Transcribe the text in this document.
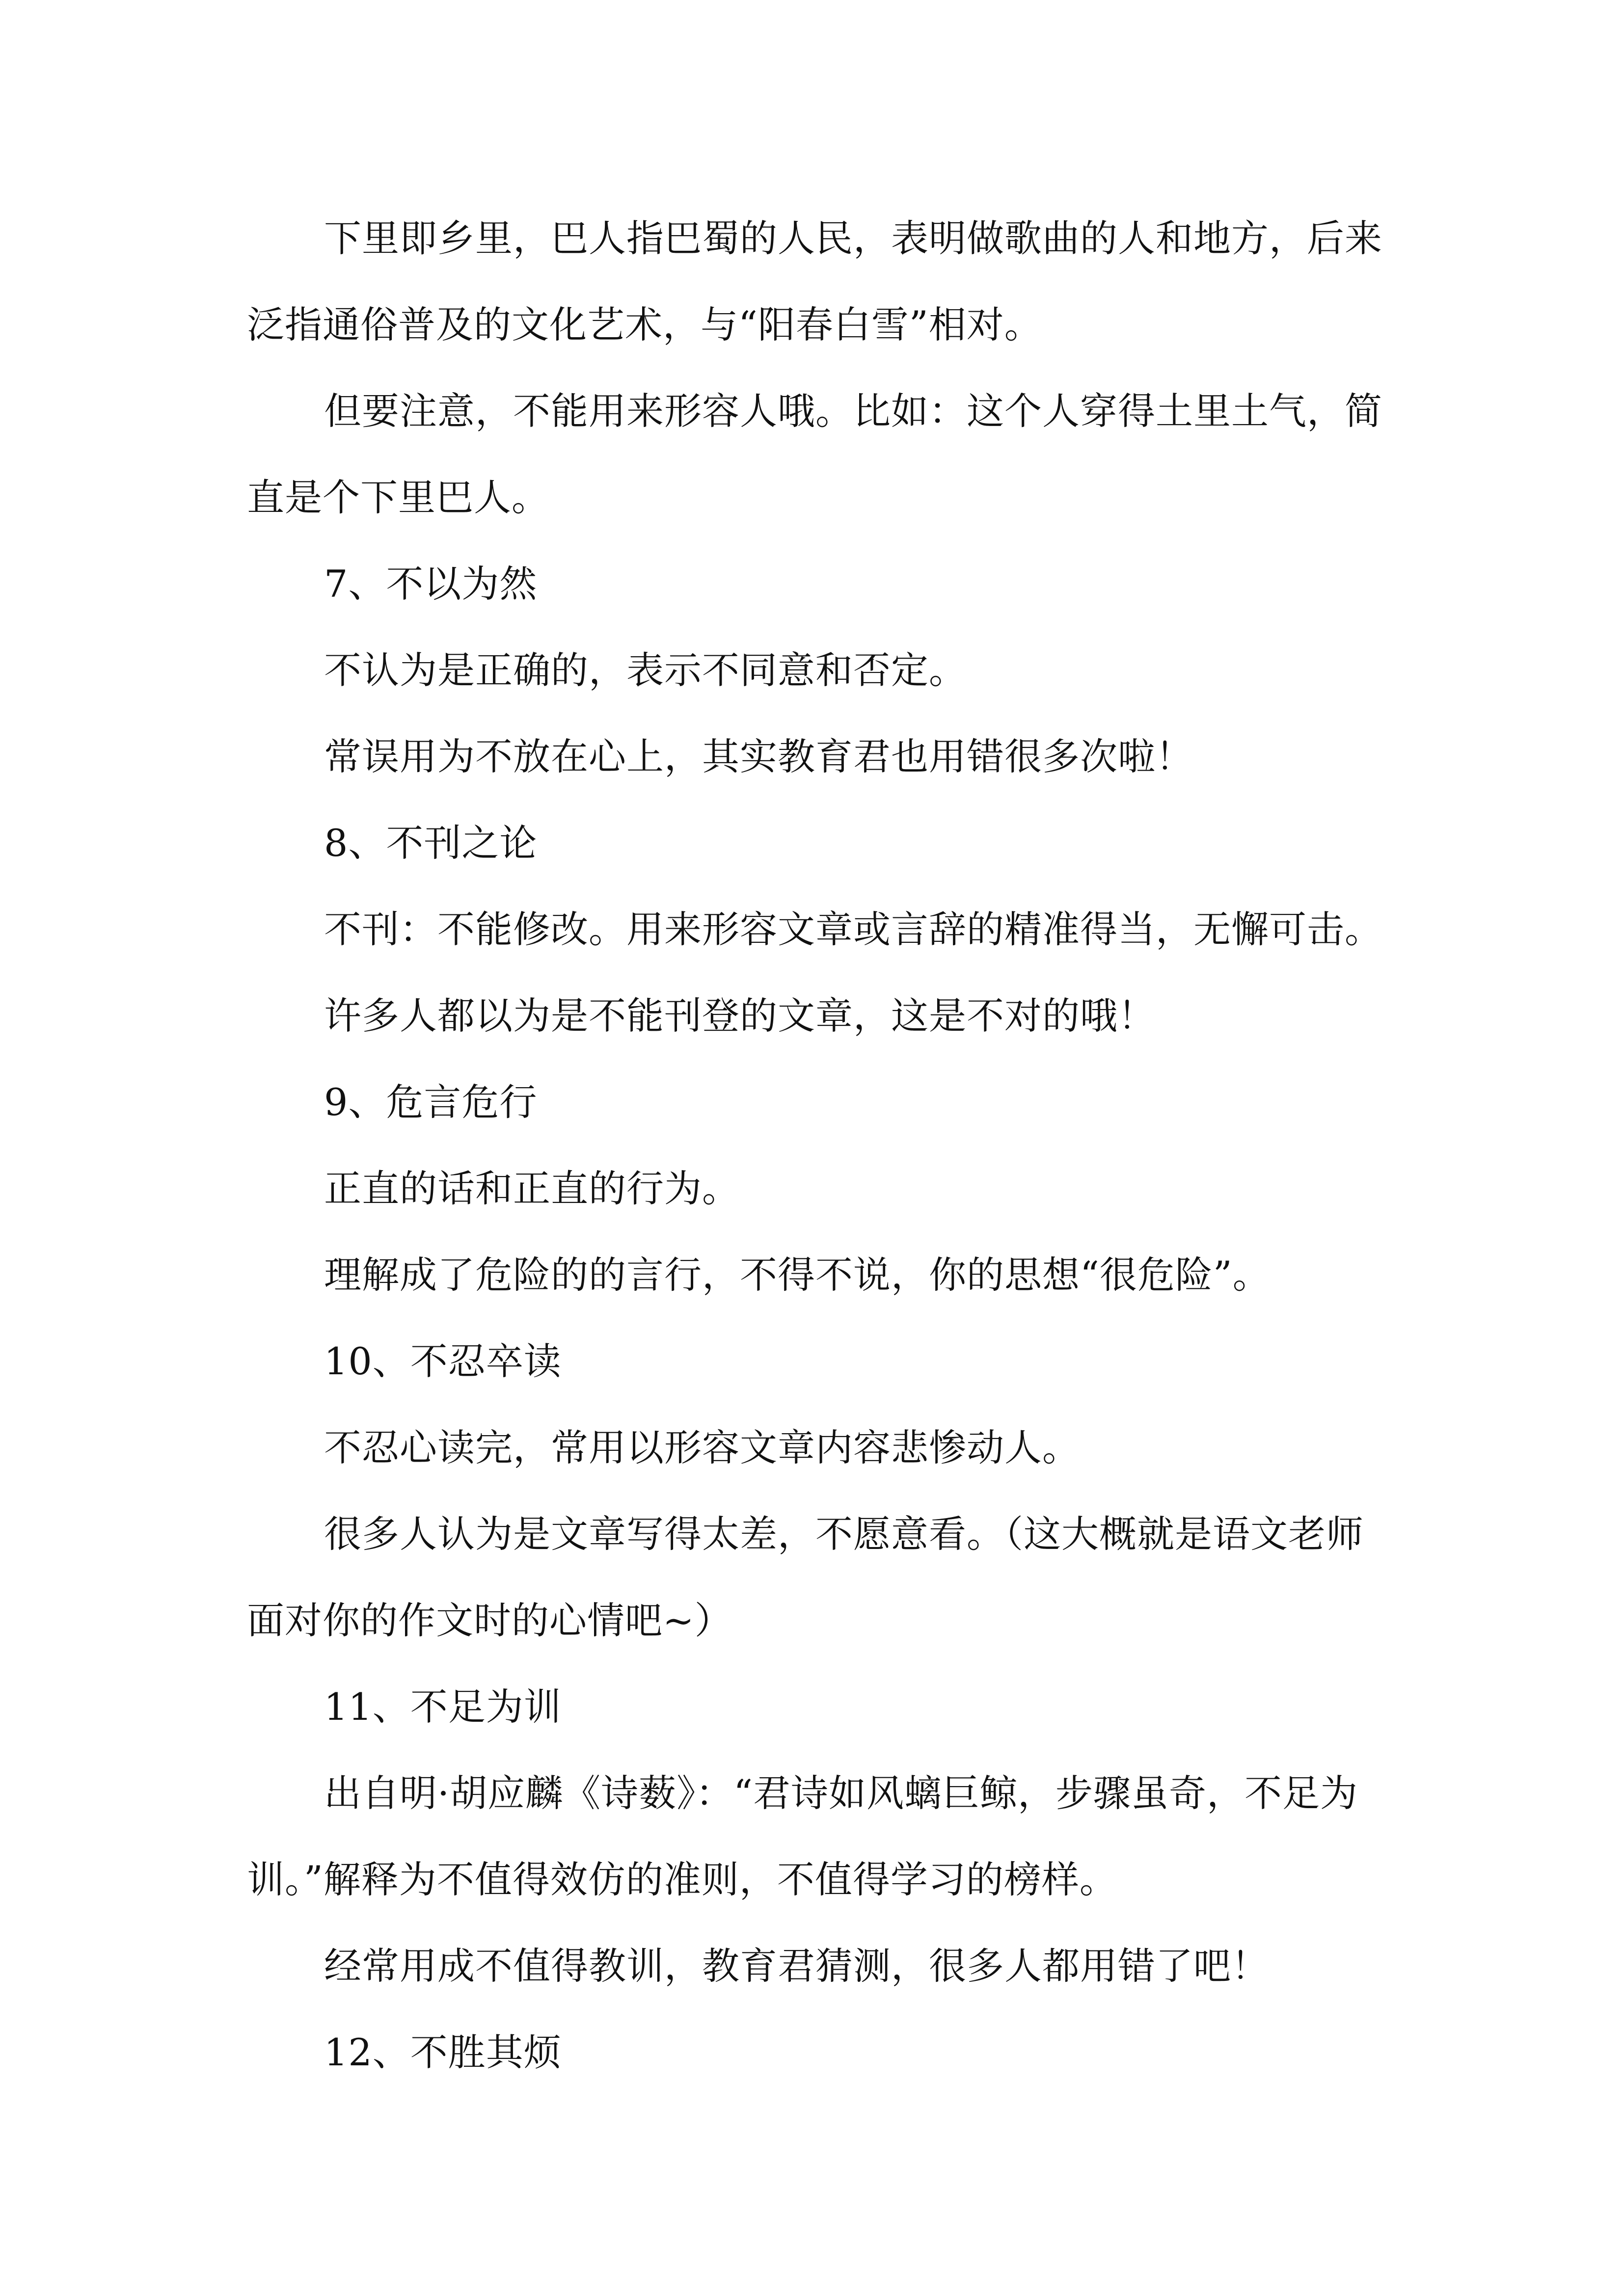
下里即乡里，巴人指巴蜀的人民，表明做歌曲的人和地方，后来
泛指通俗普及的文化艺术，与“阳春白雪”相对。
但要注意，不能用来形容人哦。比如：这个人穿得土里土气，简
直是个下里巴人。
7、不以为然
不认为是正确的，表示不同意和否定。
常误用为不放在心上，其实教育君也用错很多次啦！
8、不刊之论
不刊：不能修改。用来形容文章或言辞的精准得当，无懈可击。
许多人都以为是不能刊登的文章，这是不对的哦！
9、危言危行
正直的话和正直的行为。
理解成了危险的的言行，不得不说，你的思想“很危险”。
10、不忍卒读
不忍心读完，常用以形容文章内容悲惨动人。
很多人认为是文章写得太差，不愿意看。（这大概就是语文老师
面对你的作文时的心情吧~）
11、不足为训
出自明·胡应麟《诗薮》：“君诗如风螭巨鲸，步骤虽奇，不足为
训。”解释为不值得效仿的准则，不值得学习的榜样。
经常用成不值得教训，教育君猜测，很多人都用错了吧！
12、不胜其烦
